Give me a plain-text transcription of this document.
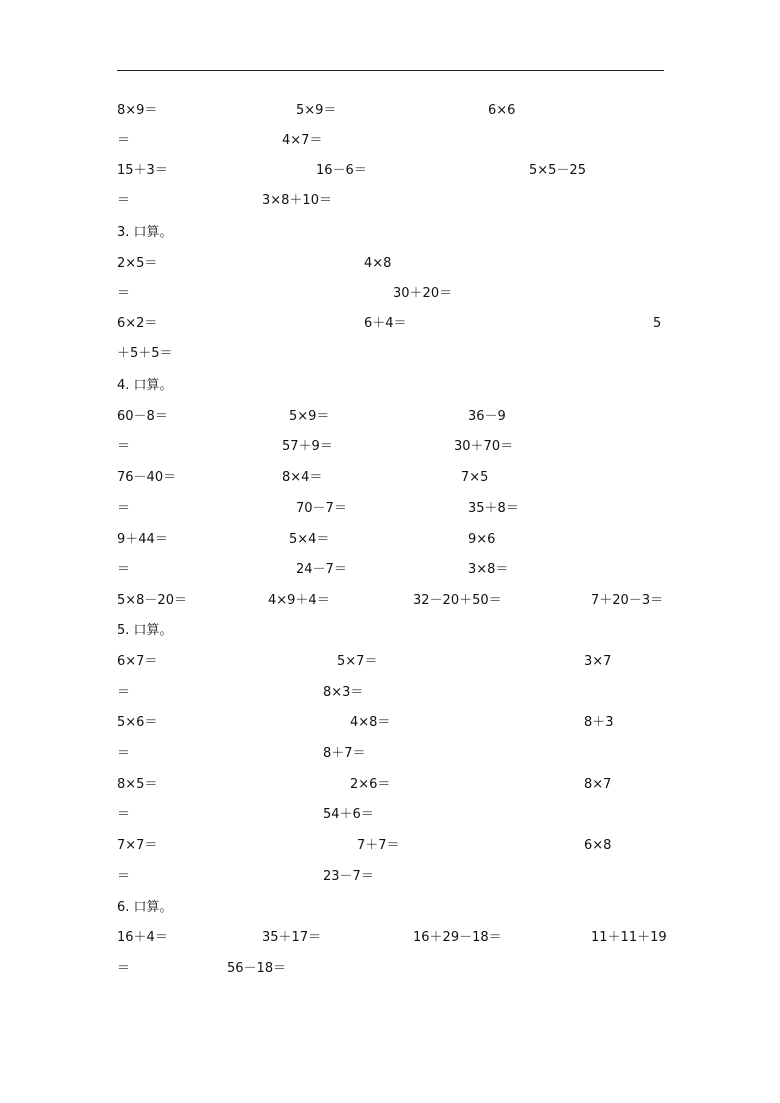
8×9＝	5×9＝	6×6
＝	4×7＝
15＋3＝	16－6＝	5×5－25
＝	3×8＋10＝
3. 口算。
2×5＝	4×8
＝	30＋20＝
6×2＝	6＋4＝	5
＋5＋5＝
4. 口算。
60－8＝	5×9＝	36－9
＝	57＋9＝	30＋70＝
76－40＝	8×4＝	7×5
＝	70－7＝	35＋8＝
9＋44＝	5×4＝	9×6
＝	24－7＝	3×8＝
5×8－20＝	4×9＋4＝	32－20＋50＝	7＋20－3＝
5. 口算。
6×7＝	5×7＝	3×7
＝	8×3＝
5×6＝	4×8＝	8＋3
＝	8＋7＝
8×5＝	2×6＝	8×7
＝	54＋6＝
7×7＝	7＋7＝	6×8
＝	23－7＝
6. 口算。
16＋4＝	35＋17＝	16＋29－18＝	11＋11＋19
＝	56－18＝
